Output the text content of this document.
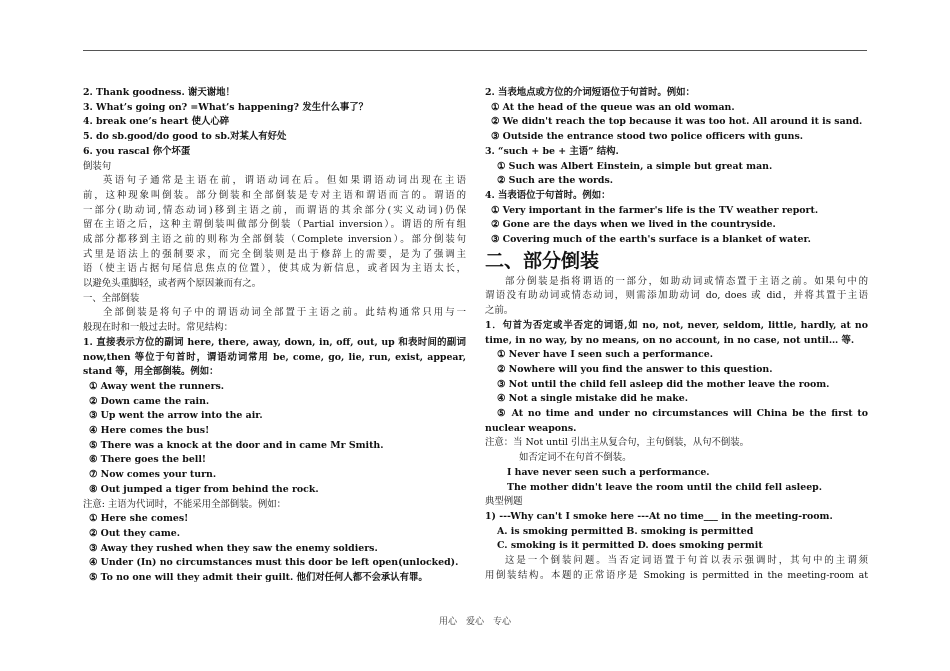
2. Thank goodness. 谢天谢地！
3. What’s going on? =What’s happening? 发生什么事了？
4. break one’s heart 使人心碎
5. do sb.good/do good to sb.对某人有好处
6. you rascal 你个坏蛋
倒装句
英语句子通常是主语在前，谓语动词在后。但如果谓语动词出现在主语
前，这种现象叫倒装。部分倒装和全部倒装是专对主语和谓语而言的。谓语的
一部分(助动词,情态动词)移到主语之前，而谓语的其余部分(实义动词)仍保
留在主语之后，这种主谓倒装叫做部分倒装（Partial inversion）。谓语的所有组
成部分都移到主语之前的则称为全部倒装（Complete inversion）。部分倒装句
式里是语法上的强制要求，而完全倒装则是出于修辞上的需要，是为了强调主
语（使主语占据句尾信息焦点的位置），使其成为新信息，或者因为主语太长，
以避免头重脚轻，或者两个原因兼而有之。
一、全部倒装
全部倒装是将句子中的谓语动词全部置于主语之前。此结构通常只用与一
般现在时和一般过去时。常见结构：
1. 直接表示方位的副词 here, there, away, down, in, off, out, up 和表时间的副词
now,then 等位于句首时，谓语动词常用 be, come, go, lie, run, exist, appear,
stand 等，用全部倒装。例如：
① Away went the runners.
② Down came the rain.
③ Up went the arrow into the air.
④ Here comes the bus!
⑤ There was a knock at the door and in came Mr Smith.
⑥ There goes the bell!
⑦ Now comes your turn.
⑧ Out jumped a tiger from behind the rock.
注意: 主语为代词时，不能采用全部倒装。例如：
① Here she comes!
② Out they came.
③ Away they rushed when they saw the enemy soldiers.
④ Under (In) no circumstances must this door be left open(unlocked).
⑤ To no one will they admit their guilt. 他们对任何人都不会承认有罪。
2. 当表地点或方位的介词短语位于句首时。例如：
① At the head of the queue was an old woman.
② We didn't reach the top because it was too hot. All around it is sand.
③ Outside the entrance stood two police officers with guns.
3. “such + be + 主语” 结构.
① Such was Albert Einstein, a simple but great man.
② Such are the words.
4. 当表语位于句首时。例如：
① Very important in the farmer's life is the TV weather report.
② Gone are the days when we lived in the countryside.
③ Covering much of the earth's surface is a blanket of water.
二、部分倒装
部分倒装是指将谓语的一部分，如助动词或情态置于主语之前。如果句中的
谓语没有助动词或情态动词，则需添加助动词 do, does 或 did，并将其置于主语
之前。
1．句首为否定或半否定的词语,如 no, not, never, seldom, little, hardly, at no
time, in no way, by no means, on no account, in no case, not until… 等.
① Never have I seen such a performance.
② Nowhere will you find the answer to this question.
③ Not until the child fell asleep did the mother leave the room.
④ Not a single mistake did he make.
⑤ At no time and under no circumstances will China be the first to
nuclear weapons.
注意：当 Not until 引出主从复合句，主句倒装，从句不倒装。
如否定词不在句首不倒装。
I have never seen such a performance.
The mother didn't leave the room until the child fell asleep.
典型例题
1) ---Why can't I smoke here ---At no time___ in the meeting-room.
A. is smoking permitted B. smoking is permitted
C. smoking is it permitted D. does smoking permit
这是一个倒装问题。当否定词语置于句首以表示强调时，其句中的主谓须
用倒装结构。本题的正常语序是 Smoking is permitted in the meeting-room at
用心　爱心　专心
